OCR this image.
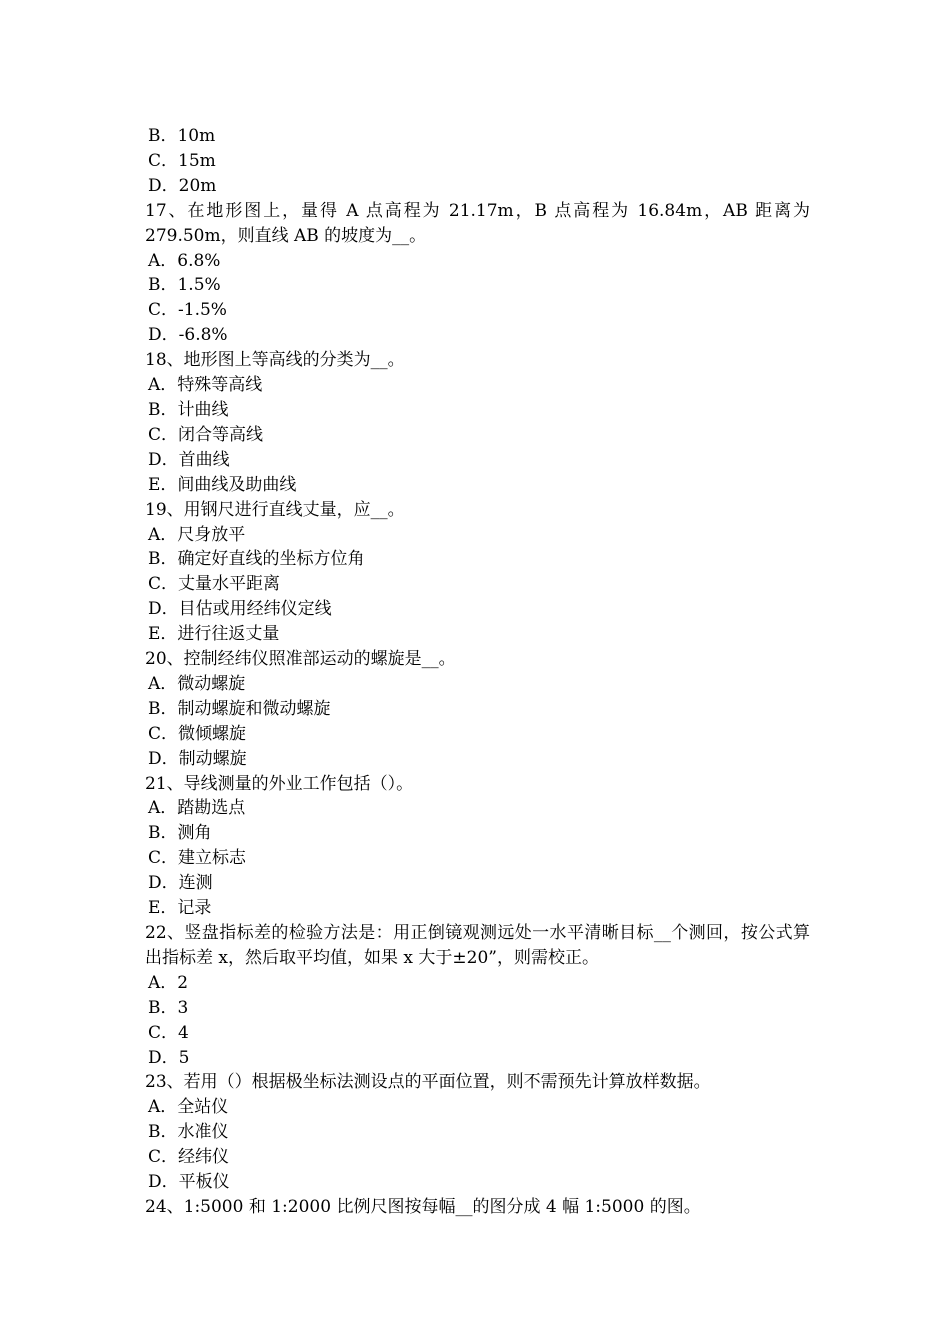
B．10m
C．15m
D．20m
17、在地形图上，量得 A 点高程为 21.17m，B 点高程为 16.84m，AB 距离为 279.50m，则直线 AB 的坡度为__。
A．6.8%
B．1.5%
C．-1.5%
D．-6.8%
18、地形图上等高线的分类为__。
A．特殊等高线
B．计曲线
C．闭合等高线
D．首曲线
E．间曲线及助曲线
19、用钢尺进行直线丈量，应__。
A．尺身放平
B．确定好直线的坐标方位角
C．丈量水平距离
D．目估或用经纬仪定线
E．进行往返丈量
20、控制经纬仪照准部运动的螺旋是__。
A．微动螺旋
B．制动螺旋和微动螺旋
C．微倾螺旋
D．制动螺旋
21、导线测量的外业工作包括（）。
A．踏勘选点
B．测角
C．建立标志
D．连测
E．记录
22、竖盘指标差的检验方法是：用正倒镜观测远处一水平清晰目标__个测回，按公式算出指标差 x，然后取平均值，如果 x 大于±20”，则需校正。
A．2
B．3
C．4
D．5
23、若用（）根据极坐标法测设点的平面位置，则不需预先计算放样数据。
A．全站仪
B．水准仪
C．经纬仪
D．平板仪
24、1:5000 和 1:2000 比例尺图按每幅__的图分成 4 幅 1:5000 的图。
